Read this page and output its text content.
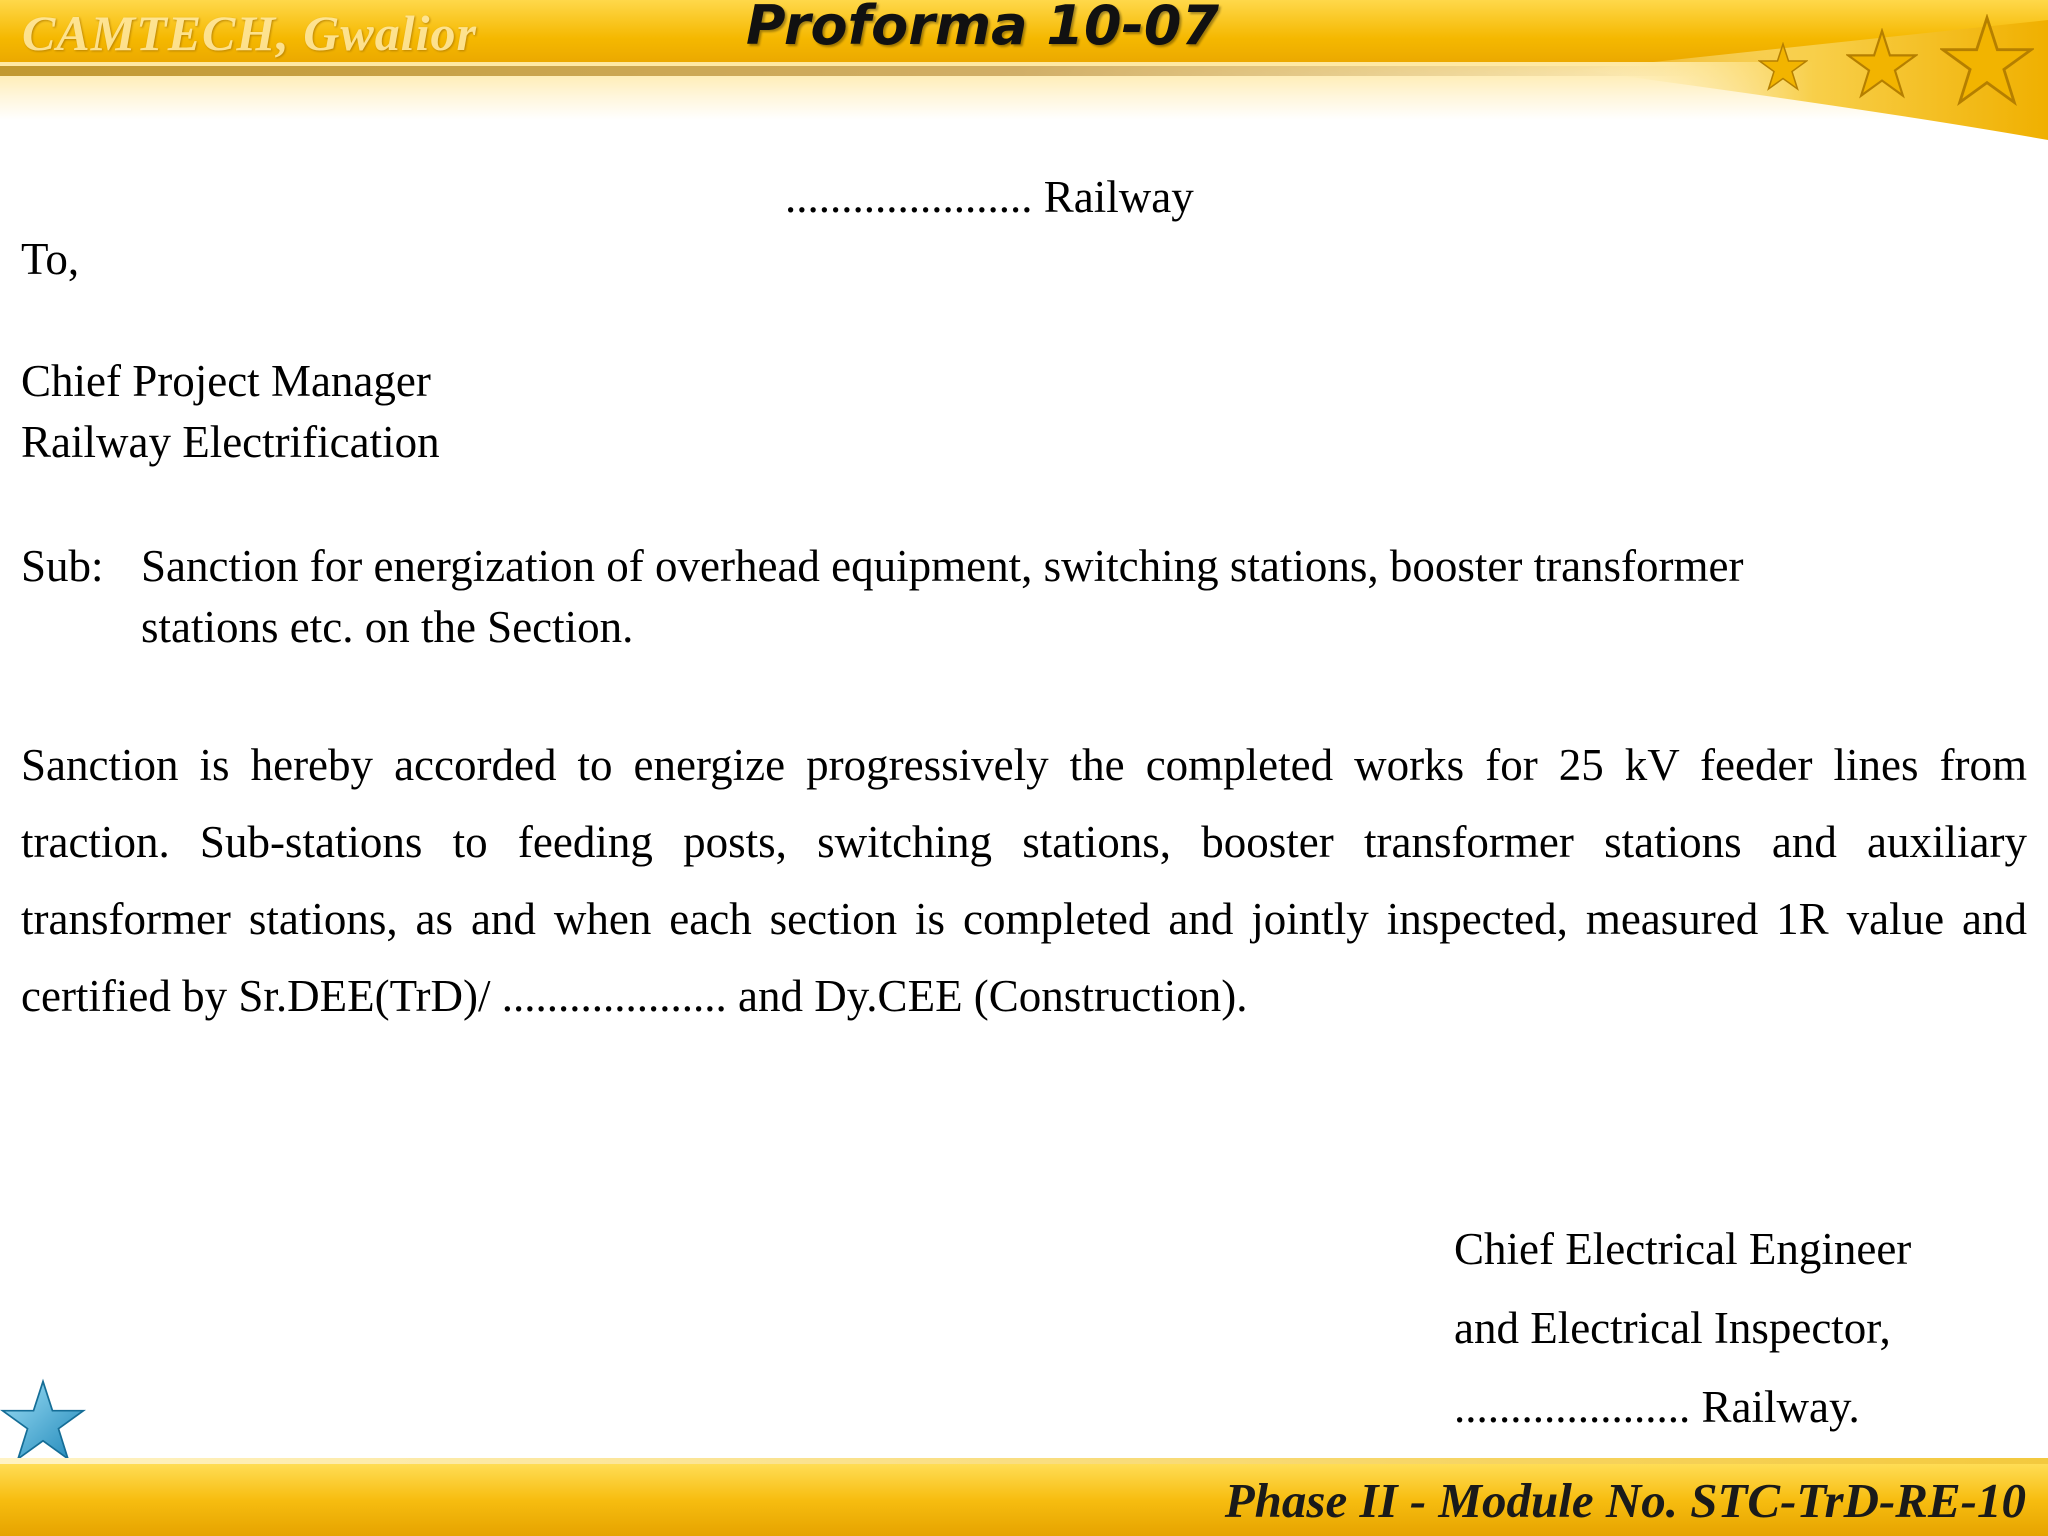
CAMTECH, Gwalior	Proforma 10-07
...................... Railway
To,
Chief Project Manager
Railway Electrification
Sub: Sanction for energization of overhead equipment, switching stations, booster transformer
stations etc. on the Section.
Sanction is hereby accorded to energize progressively the completed works for 25 kV feeder lines from traction. Sub-stations to feeding posts, switching stations, booster transformer stations and auxiliary transformer stations, as and when each section is completed and jointly inspected, measured 1R value and certified by Sr.DEE(TrD)/ .................... and Dy.CEE (Construction).
Chief Electrical Engineer
and Electrical Inspector,
..................... Railway.
Phase II - Module No. STC-TrD-RE-10
